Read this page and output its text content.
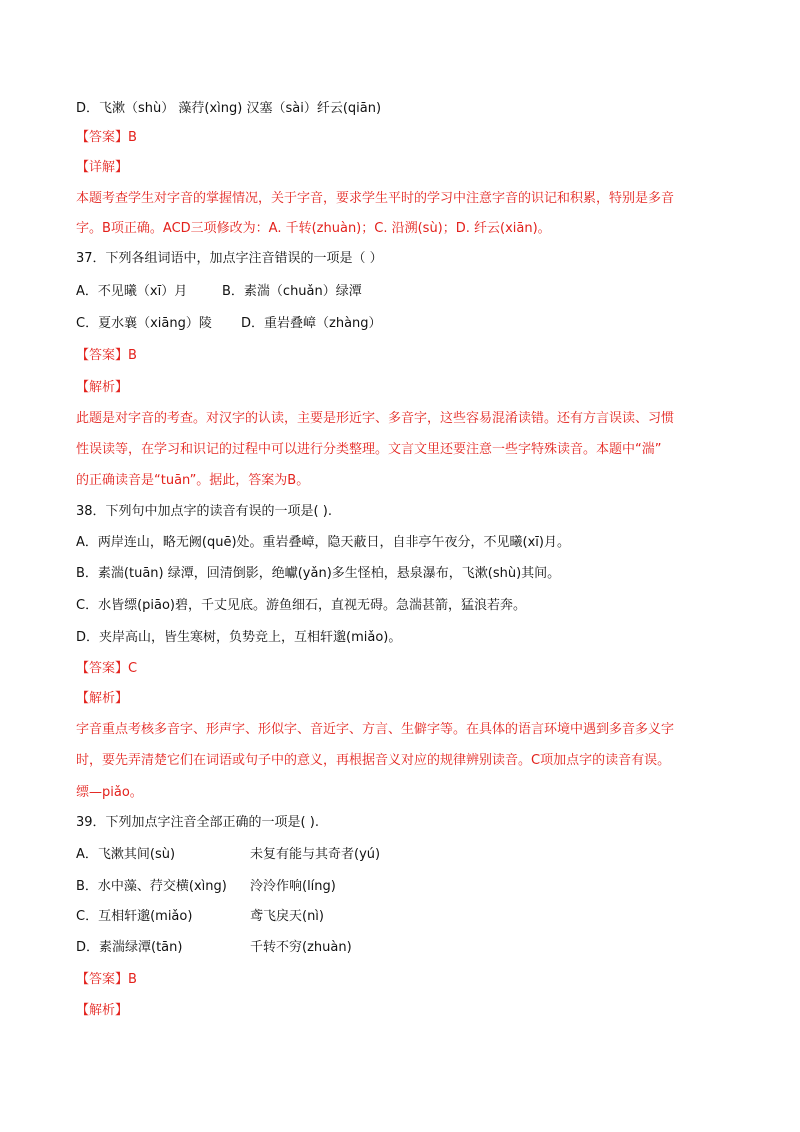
D．飞漱（shù） 藻荇(xìng) 汉塞（sài）纤云(qiān)
【答案】B
【详解】
本题考查学生对字音的掌握情况，关于字音，要求学生平时的学习中注意字音的识记和积累，特别是多音
字。B项正确。ACD三项修改为：A. 千转(zhuàn)；C. 沿溯(sù)；D. 纤云(xiān)。
37．下列各组词语中，加点字注音错误的一项是（ ）
A．不见曦（xī）月	B．素湍（chuǎn）绿潭
C．夏水襄（xiāng）陵 D．重岩叠嶂（zhàng）
【答案】B
【解析】
此题是对字音的考查。对汉字的认读，主要是形近字、多音字，这些容易混淆读错。还有方言误读、习惯
性误读等，在学习和识记的过程中可以进行分类整理。文言文里还要注意一些字特殊读音。本题中“湍”
的正确读音是“tuān”。据此，答案为B。
38．下列句中加点字的读音有误的一项是( ).
A．两岸连山，略无阙(quē)处。重岩叠嶂，隐天蔽日，自非亭午夜分，不见曦(xī)月。
B．素湍(tuān) 绿潭，回清倒影，绝巘(yǎn)多生怪柏，悬泉瀑布，飞漱(shù)其间。
C．水皆缥(piāo)碧，千丈见底。游鱼细石，直视无碍。急湍甚箭，猛浪若奔。
D．夹岸高山，皆生寒树，负势竞上，互相轩邈(miǎo)。
【答案】C
【解析】
字音重点考核多音字、形声字、形似字、音近字、方言、生僻字等。在具体的语言环境中遇到多音多义字
时，要先弄清楚它们在词语或句子中的意义，再根据音义对应的规律辨别读音。C项加点字的读音有误。
缥—piǎo。
39．下列加点字注音全部正确的一项是( ).
A．飞漱其间(sù)	未复有能与其奇者(yú)
B．水中藻、荇交横(xìng) 泠泠作响(líng)
C．互相轩邈(miǎo)	鸢飞戾天(nì)
D．素湍绿潭(tān)	千转不穷(zhuàn)
【答案】B
【解析】
